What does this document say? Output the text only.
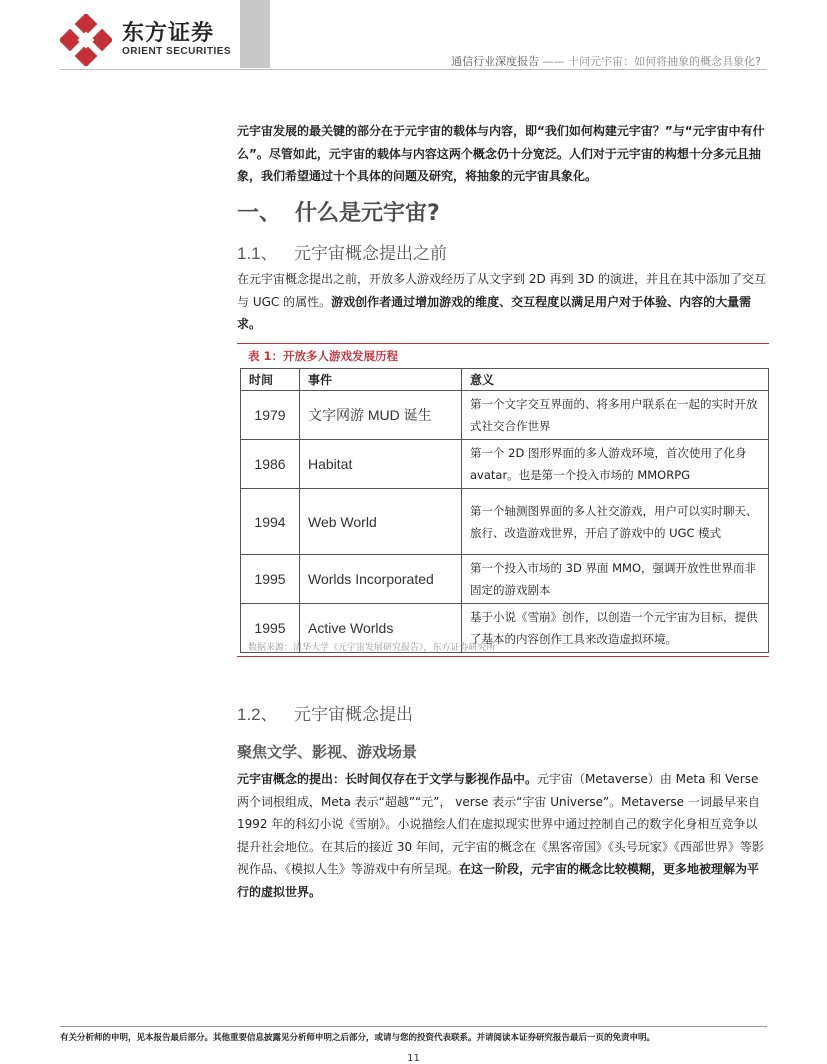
东方证券
ORIENT SECURITIES
通信行业深度报告 —— 十问元宇宙：如何将抽象的概念具象化?
元宇宙发展的最关键的部分在于元宇宙的载体与内容，即“我们如何构建元宇宙？”与“元宇宙中有什么”。尽管如此，元宇宙的载体与内容这两个概念仍十分宽泛。人们对于元宇宙的构想十分多元且抽象，我们希望通过十个具体的问题及研究，将抽象的元宇宙具象化。
一、 什么是元宇宙?
1.1、 元宇宙概念提出之前
在元宇宙概念提出之前，开放多人游戏经历了从文字到 2D 再到 3D 的演进，并且在其中添加了交互与 UGC 的属性。游戏创作者通过增加游戏的维度、交互程度以满足用户对于体验、内容的大量需求。
表 1：开放多人游戏发展历程
时间	事件	意义
1979	文字网游 MUD 诞生	第一个文字交互界面的、将多用户联系在一起的实时开放式社交合作世界
1986	Habitat	第一个 2D 图形界面的多人游戏环境，首次使用了化身 avatar。也是第一个投入市场的 MMORPG
1994	Web World	第一个轴测图界面的多人社交游戏，用户可以实时聊天、旅行、改造游戏世界，开启了游戏中的 UGC 模式
1995	Worlds Incorporated	第一个投入市场的 3D 界面 MMO，强调开放性世界而非固定的游戏剧本
1995	Active Worlds	基于小说《雪崩》创作，以创造一个元宇宙为目标，提供了基本的内容创作工具来改造虚拟环境。
数据来源：清华大学《元宇宙发展研究报告》，东方证券研究所
1.2、 元宇宙概念提出
聚焦文学、影视、游戏场景
元宇宙概念的提出：长时间仅存在于文学与影视作品中。元宇宙（Metaverse）由 Meta 和 Verse 两个词根组成，Meta 表示“超越”“元”， verse 表示“宇宙 Universe”。Metaverse 一词最早来自 1992 年的科幻小说《雪崩》。小说描绘人们在虚拟现实世界中通过控制自己的数字化身相互竞争以提升社会地位。在其后的接近 30 年间，元宇宙的概念在《黑客帝国》《头号玩家》《西部世界》等影视作品、《模拟人生》等游戏中有所呈现。在这一阶段，元宇宙的概念比较模糊，更多地被理解为平行的虚拟世界。
有关分析师的申明，见本报告最后部分。其他重要信息披露见分析师申明之后部分，或请与您的投资代表联系。并请阅读本证券研究报告最后一页的免责申明。
11
